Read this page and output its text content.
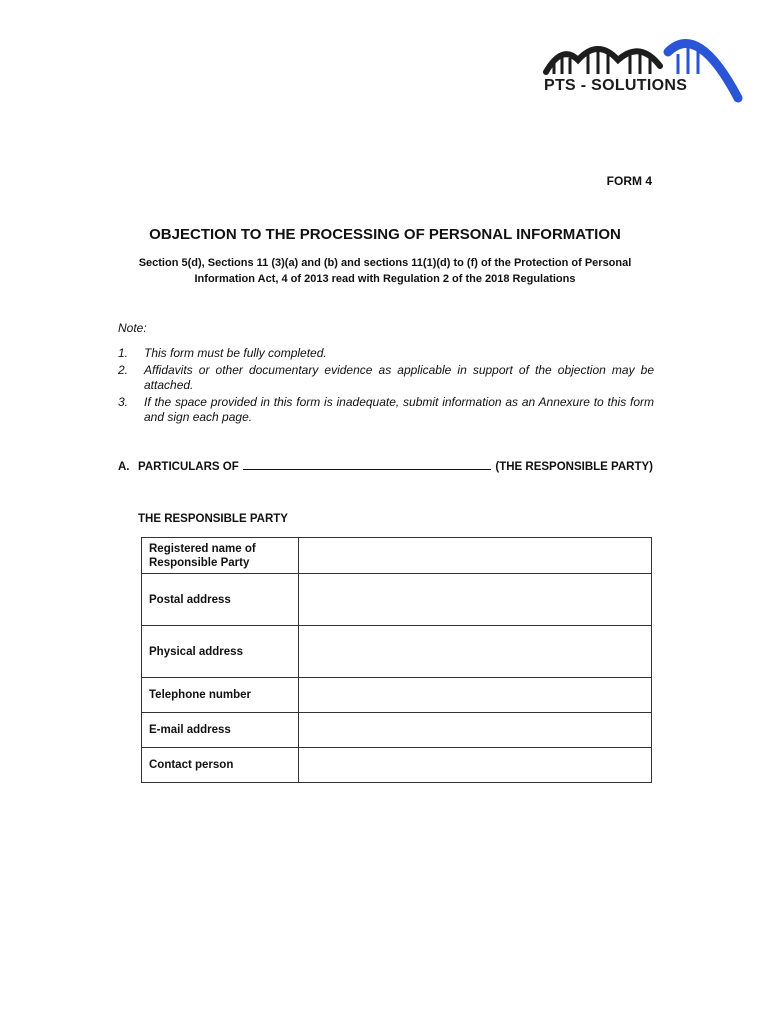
PTS - SOLUTIONS
FORM 4
OBJECTION TO THE PROCESSING OF PERSONAL INFORMATION
Section 5(d), Sections 11 (3)(a) and (b) and sections 11(1)(d) to (f) of the Protection of Personal Information Act, 4 of 2013 read with Regulation 2 of the 2018 Regulations
Note:
1.	This form must be fully completed.
2.	Affidavits or other documentary evidence as applicable in support of the objection may be attached.
3.	If the space provided in this form is inadequate, submit information as an Annexure to this form and sign each page.
A. PARTICULARS OF	(THE RESPONSIBLE PARTY)
THE RESPONSIBLE PARTY
Registered name of Responsible Party	
Postal address	
Physical address	
Telephone number	
E-mail address	
Contact person	
